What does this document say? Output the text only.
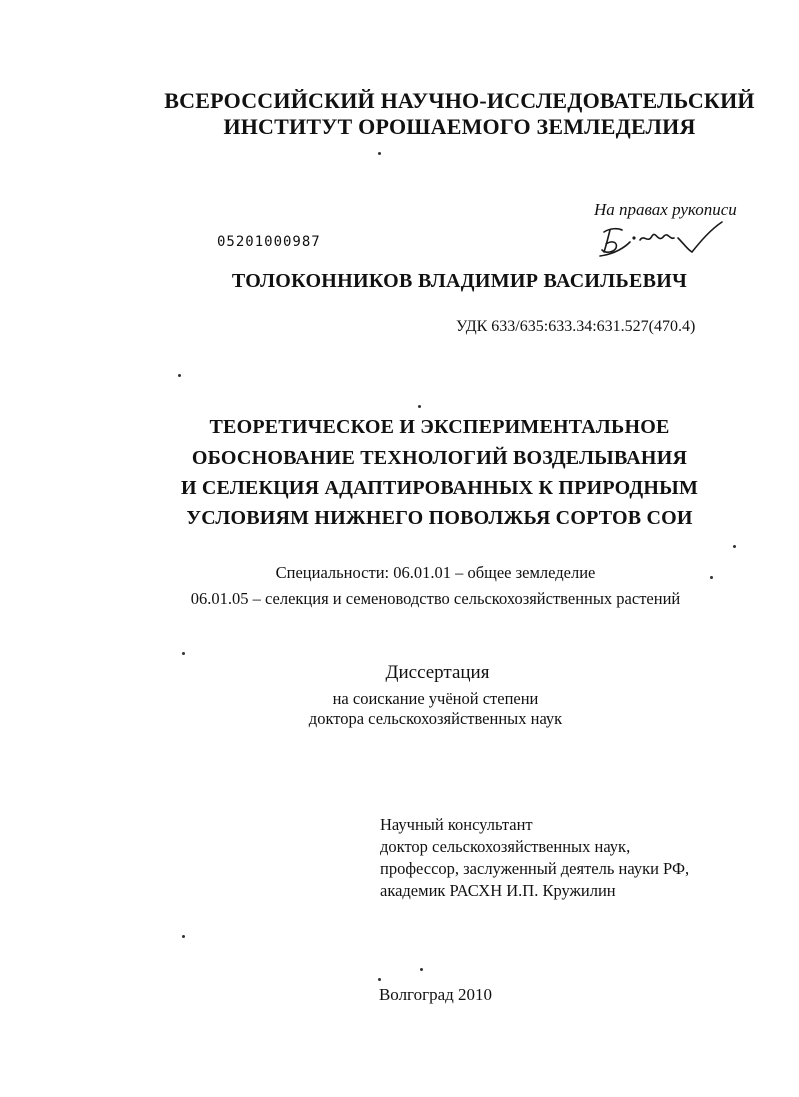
ВСЕРОССИЙСКИЙ НАУЧНО-ИССЛЕДОВАТЕЛЬСКИЙ
ИНСТИТУТ ОРОШАЕМОГО ЗЕМЛЕДЕЛИЯ
На правах рукописи
05201000987
ТОЛОКОННИКОВ ВЛАДИМИР ВАСИЛЬЕВИЧ
УДК 633/635:633.34:631.527(470.4)
ТЕОРЕТИЧЕСКОЕ И ЭКСПЕРИМЕНТАЛЬНОЕ
ОБОСНОВАНИЕ ТЕХНОЛОГИЙ ВОЗДЕЛЫВАНИЯ
И СЕЛЕКЦИЯ АДАПТИРОВАННЫХ К ПРИРОДНЫМ
УСЛОВИЯМ НИЖНЕГО ПОВОЛЖЬЯ СОРТОВ СОИ
Специальности: 06.01.01 – общее земледелие
06.01.05 – селекция и семеноводство сельскохозяйственных растений
Диссертация
на соискание учёной степени
доктора сельскохозяйственных наук
Научный консультант
доктор сельскохозяйственных наук,
профессор, заслуженный деятель науки РФ,
академик РАСХН И.П. Кружилин
Волгоград 2010
